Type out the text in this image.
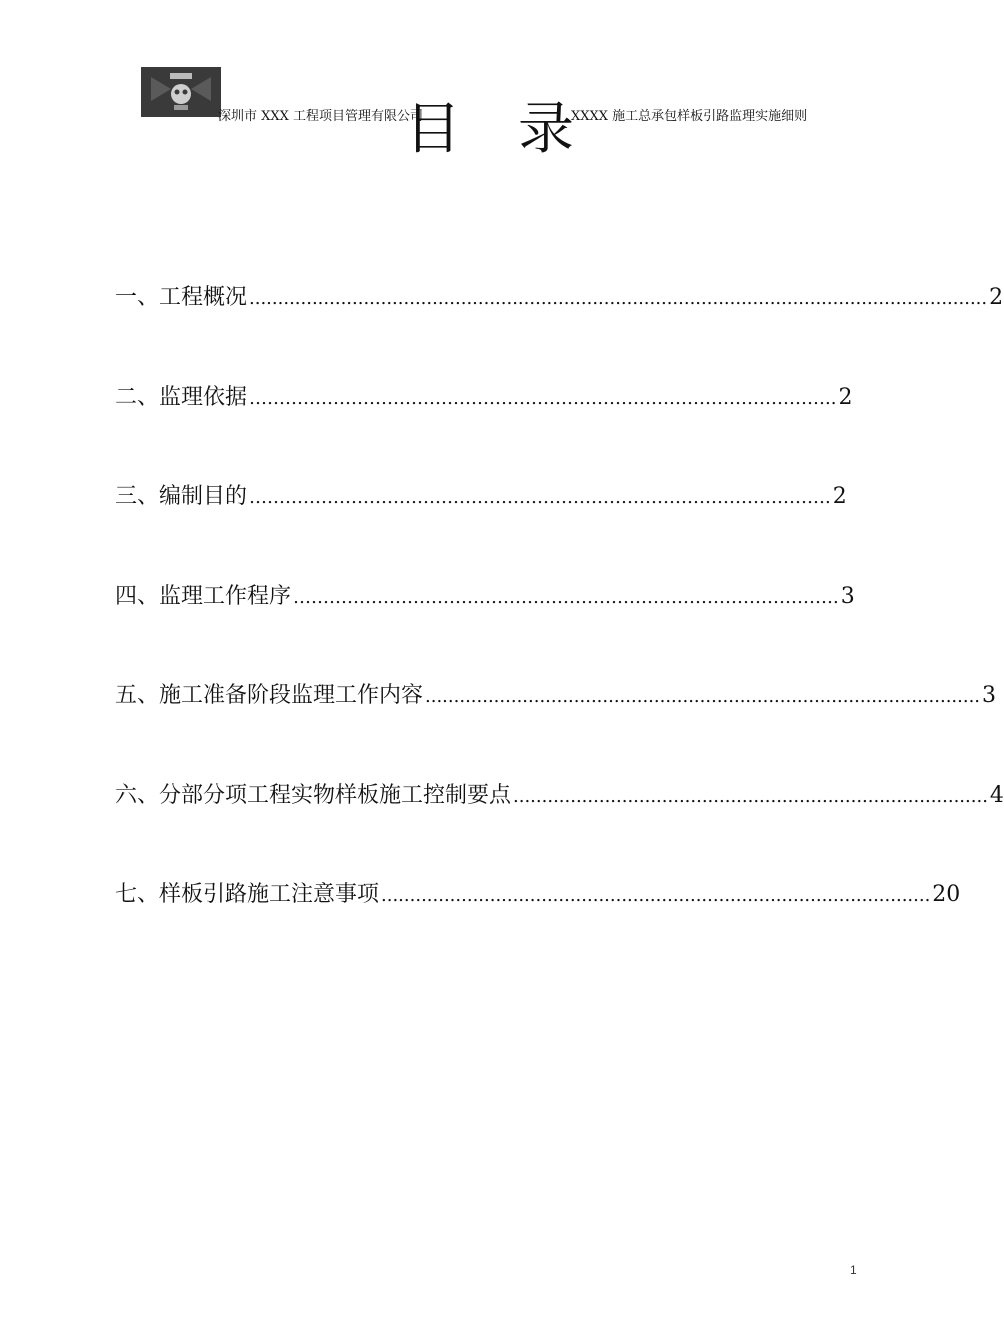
深圳市 XXX 工程项目管理有限公司	XXXX 施工总承包样板引路监理实施细则
目 录
一、工程概况 ................................................................................................................................. 2
二、监理依据 …………………………………………………………………………………….. 2
三、编制目的 ……………………………………………………………………………………. 2
四、监理工作程序 ………………………………………………………………………………. 3
五、施工准备阶段监理工作内容 ................................................................................................. 3
六、分部分项工程实物样板施工控制要点 ................................................................................... 4
七、样板引路施工注意事项 ................................................................................................ 20
1
